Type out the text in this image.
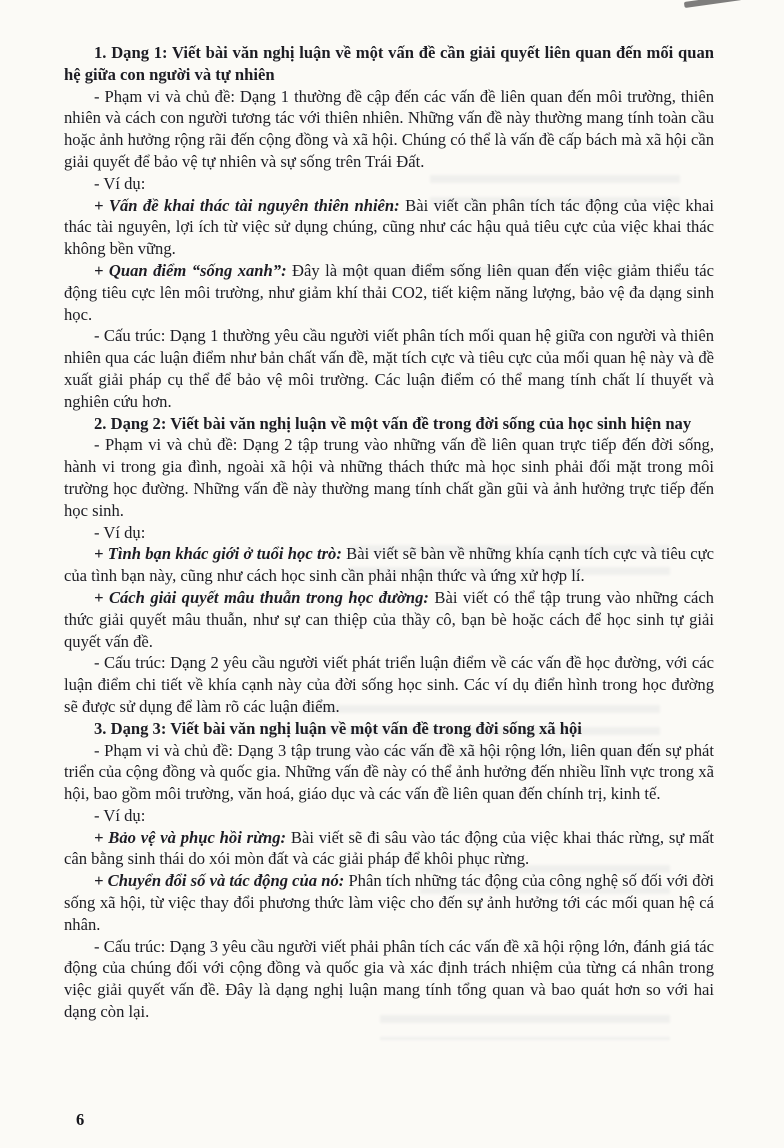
1. Dạng 1: Viết bài văn nghị luận về một vấn đề cần giải quyết liên quan đến mối quan hệ giữa con người và tự nhiên

- Phạm vi và chủ đề: Dạng 1 thường đề cập đến các vấn đề liên quan đến môi trường, thiên nhiên và cách con người tương tác với thiên nhiên. Những vấn đề này thường mang tính toàn cầu hoặc ảnh hưởng rộng rãi đến cộng đồng và xã hội. Chúng có thể là vấn đề cấp bách mà xã hội cần giải quyết để bảo vệ tự nhiên và sự sống trên Trái Đất.

- Ví dụ:

+ Vấn đề khai thác tài nguyên thiên nhiên: Bài viết cần phân tích tác động của việc khai thác tài nguyên, lợi ích từ việc sử dụng chúng, cũng như các hậu quả tiêu cực của việc khai thác không bền vững.

+ Quan điểm “sống xanh”: Đây là một quan điểm sống liên quan đến việc giảm thiểu tác động tiêu cực lên môi trường, như giảm khí thải CO2, tiết kiệm năng lượng, bảo vệ đa dạng sinh học.

- Cấu trúc: Dạng 1 thường yêu cầu người viết phân tích mối quan hệ giữa con người và thiên nhiên qua các luận điểm như bản chất vấn đề, mặt tích cực và tiêu cực của mối quan hệ này và đề xuất giải pháp cụ thể để bảo vệ môi trường. Các luận điểm có thể mang tính chất lí thuyết và nghiên cứu hơn.

2. Dạng 2: Viết bài văn nghị luận về một vấn đề trong đời sống của học sinh hiện nay

- Phạm vi và chủ đề: Dạng 2 tập trung vào những vấn đề liên quan trực tiếp đến đời sống, hành vi trong gia đình, ngoài xã hội và những thách thức mà học sinh phải đối mặt trong môi trường học đường. Những vấn đề này thường mang tính chất gần gũi và ảnh hưởng trực tiếp đến học sinh.

- Ví dụ:

+ Tình bạn khác giới ở tuổi học trò: Bài viết sẽ bàn về những khía cạnh tích cực và tiêu cực của tình bạn này, cũng như cách học sinh cần phải nhận thức và ứng xử hợp lí.

+ Cách giải quyết mâu thuẫn trong học đường: Bài viết có thể tập trung vào những cách thức giải quyết mâu thuẫn, như sự can thiệp của thầy cô, bạn bè hoặc cách để học sinh tự giải quyết vấn đề.

- Cấu trúc: Dạng 2 yêu cầu người viết phát triển luận điểm về các vấn đề học đường, với các luận điểm chi tiết về khía cạnh này của đời sống học sinh. Các ví dụ điển hình trong học đường sẽ được sử dụng để làm rõ các luận điểm.

3. Dạng 3: Viết bài văn nghị luận về một vấn đề trong đời sống xã hội

- Phạm vi và chủ đề: Dạng 3 tập trung vào các vấn đề xã hội rộng lớn, liên quan đến sự phát triển của cộng đồng và quốc gia. Những vấn đề này có thể ảnh hưởng đến nhiều lĩnh vực trong xã hội, bao gồm môi trường, văn hoá, giáo dục và các vấn đề liên quan đến chính trị, kinh tế.

- Ví dụ:

+ Bảo vệ và phục hồi rừng: Bài viết sẽ đi sâu vào tác động của việc khai thác rừng, sự mất cân bằng sinh thái do xói mòn đất và các giải pháp để khôi phục rừng.

+ Chuyển đổi số và tác động của nó: Phân tích những tác động của công nghệ số đối với đời sống xã hội, từ việc thay đổi phương thức làm việc cho đến sự ảnh hưởng tới các mối quan hệ cá nhân.

- Cấu trúc: Dạng 3 yêu cầu người viết phải phân tích các vấn đề xã hội rộng lớn, đánh giá tác động của chúng đối với cộng đồng và quốc gia và xác định trách nhiệm của từng cá nhân trong việc giải quyết vấn đề. Đây là dạng nghị luận mang tính tổng quan và bao quát hơn so với hai dạng còn lại.

6
